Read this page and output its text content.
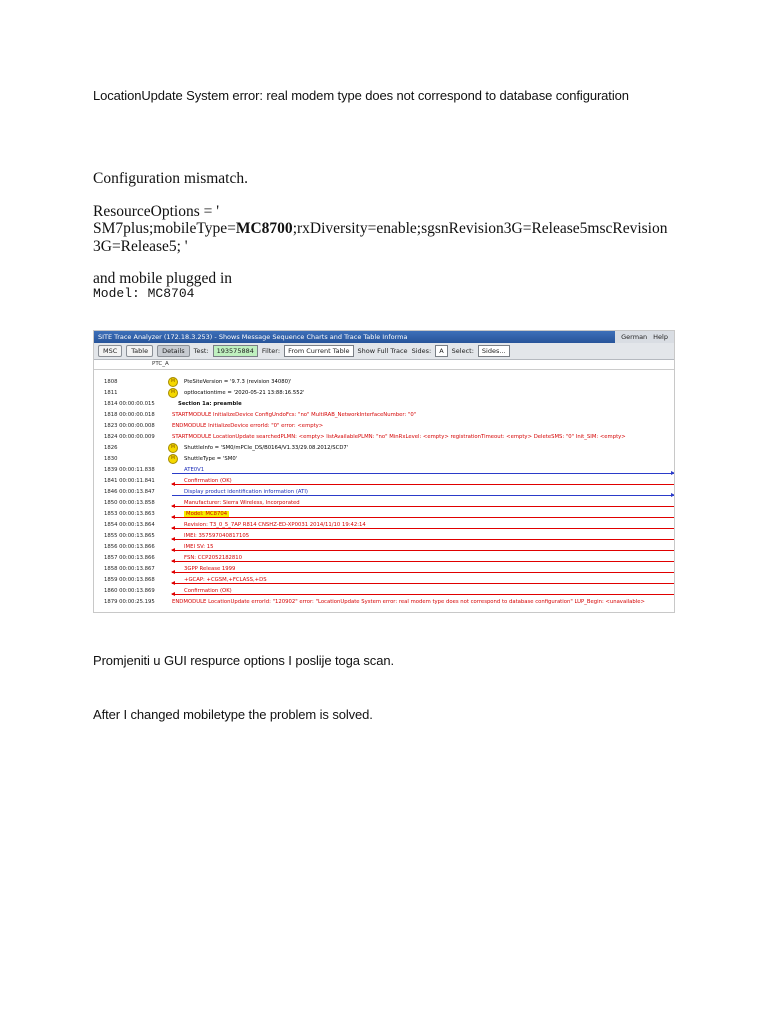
LocationUpdate System error: real modem type does not correspond to database configuration
Configuration mismatch.
ResourceOptions = '
SM7plus;mobileType=MC8700;rxDiversity=enable;sgsnRevision3G=Release5mscRevision
3G=Release5; '
and mobile plugged in
Model: MC8704
SITE Trace Analyzer (172.18.3.253) - Shows Message Sequence Charts and Trace Table Informa	German Help
MSC	Table	Details	Test:	193575884	Filter:	From Current Table	Show Full Trace Sides:	A	Select:	Sides...
PTC_A
1808	M	PteSiteVersion = '9.7.3 (revision 34080)'
1811	M	optlocationtime = '2020-05-21 13:88:16.552'
1814 00:00:00.015	Section 1a: preamble
1818 00:00:00.018	STARTMODULE InitializeDevice ConfigUndoFcs: "no" MultiRAB_NetworkInterfaceNumber: "0"
1823 00:00:00.008	ENDMODULE InitializeDevice errorId: "0" error: <empty>
1824 00:00:00.009	STARTMODULE LocationUpdate searchedPLMN: <empty> listAvailablePLMN: "no" MinRxLevel: <empty> registrationTimeout: <empty> DeleteSMS: "0" Init_SIM: <empty>
1826	M	ShuttleInfo = 'SM0/mPCIe_DS/B0164/V1.33/29.08.2012/SCD7'
1830	M	ShuttleType = 'SM0'
1839 00:00:11.838	ATE0V1
1841 00:00:11.841	Confirmation (OK)
1846 00:00:13.847	Display product identification information (ATI)
1850 00:00:13.858	Manufacturer: Sierra Wireless, Incorporated
1853 00:00:13.863	Model: MC8704
1854 00:00:13.864	Revision: T3_0_5_7AP R814 CNSHZ-ED-XP0031 2014/11/10 19:42:14
1855 00:00:13.865	IMEI: 357597040817105
1856 00:00:13.866	IMEI SV: 15
1857 00:00:13.866	FSN: CCP2052182810
1858 00:00:13.867	3GPP Release 1999
1859 00:00:13.868	+GCAP: +CGSM,+FCLASS,+DS
1860 00:00:13.869	Confirmation (OK)
1879 00:00:25.195	ENDMODULE LocationUpdate errorId: "120902" error: "LocationUpdate System error: real modem type does not correspond to database configuration" LUP_Begin: <unavailable>
Promjeniti u GUI respurce options I poslije toga scan.
After I changed mobiletype the problem is solved.
